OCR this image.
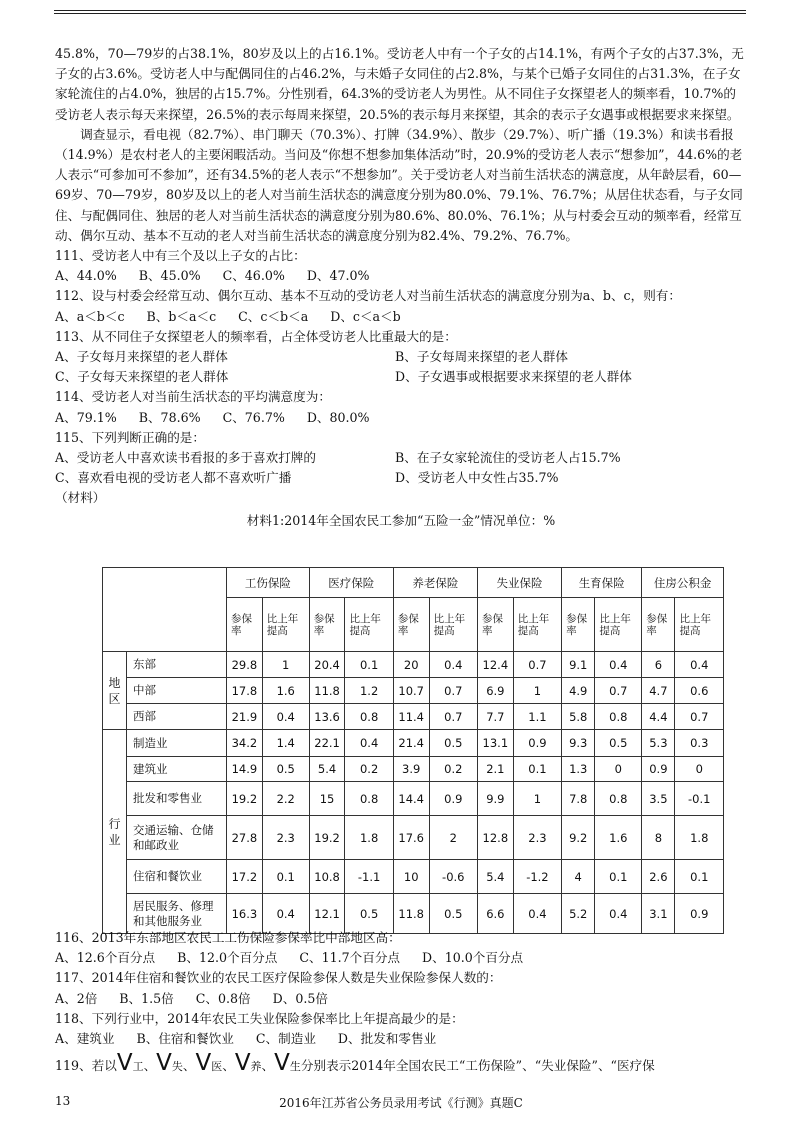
45.8%，70—79岁的占38.1%，80岁及以上的占16.1%。受访老人中有一个子女的占14.1%，有两个子女的占37.3%，无子女的占3.6%。受访老人中与配偶同住的占46.2%，与未婚子女同住的占2.8%，与某个已婚子女同住的占31.3%，在子女家轮流住的占4.0%，独居的占15.7%。分性别看，64.3%的受访老人为男性。从不同住子女探望老人的频率看，10.7%的受访老人表示每天来探望，26.5%的表示每周来探望，20.5%的表示每月来探望，其余的表示子女遇事或根据要求来探望。

调查显示，看电视（82.7%）、串门聊天（70.3%）、打牌（34.9%）、散步（29.7%）、听广播（19.3%）和读书看报（14.9%）是农村老人的主要闲暇活动。当问及“你想不想参加集体活动”时，20.9%的受访老人表示“想参加”，44.6%的老人表示“可参加可不参加”，还有34.5%的老人表示“不想参加”。关于受访老人对当前生活状态的满意度，从年龄层看，60—69岁、70—79岁，80岁及以上的老人对当前生活状态的满意度分别为80.0%、79.1%、76.7%；从居住状态看，与子女同住、与配偶同住、独居的老人对当前生活状态的满意度分别为80.6%、80.0%、76.1%；从与村委会互动的频率看，经常互动、偶尔互动、基本不互动的老人对当前生活状态的满意度分别为82.4%、79.2%、76.7%。

111、受访老人中有三个及以上子女的占比：

A、44.0% B、45.0% C、46.0% D、47.0%

112、设与村委会经常互动、偶尔互动、基本不互动的受访老人对当前生活状态的满意度分别为a、b、c，则有：

A、a＜b＜c B、b＜a＜c C、c＜b＜a D、c＜a＜b

113、从不同住子女探望老人的频率看，占全体受访老人比重最大的是：

A、子女每月来探望的老人群体	B、子女每周来探望的老人群体
C、子女每天来探望的老人群体	D、子女遇事或根据要求来探望的老人群体

114、受访老人对当前生活状态的平均满意度为：

A、79.1% B、78.6% C、76.7% D、80.0%

115、下列判断正确的是：

A、受访老人中喜欢读书看报的多于喜欢打牌的	B、在子女家轮流住的受访老人占15.7%
C、喜欢看电视的受访老人都不喜欢听广播	D、受访老人中女性占35.7%

（材料）

材料1:2014年全国农民工参加“五险一金”情况单位：%

		工伤保险		医疗保险		养老保险		失业保险		生育保险		住房公积金	
		参保率	比上年提高	参保率	比上年提高	参保率	比上年提高	参保率	比上年提高	参保率	比上年提高	参保率	比上年提高

地
区	东部	29.8	1	20.4	0.1	20	0.4	12.4	0.7	9.1	0.4	6	0.4
	中部	17.8	1.6	11.8	1.2	10.7	0.7	6.9	1	4.9	0.7	4.7	0.6
	西部	21.9	0.4	13.6	0.8	11.4	0.7	7.7	1.1	5.8	0.8	4.4	0.7

行
业	制造业	34.2	1.4	22.1	0.4	21.4	0.5	13.1	0.9	9.3	0.5	5.3	0.3
	建筑业	14.9	0.5	5.4	0.2	3.9	0.2	2.1	0.1	1.3	0	0.9	0
	批发和零售业	19.2	2.2	15	0.8	14.4	0.9	9.9	1	7.8	0.8	3.5	-0.1
	交通运输、仓储和邮政业	27.8	2.3	19.2	1.8	17.6	2	12.8	2.3	9.2	1.6	8	1.8
	住宿和餐饮业	17.2	0.1	10.8	-1.1	10	-0.6	5.4	-1.2	4	0.1	2.6	0.1
	居民服务、修理和其他服务业	16.3	0.4	12.1	0.5	11.8	0.5	6.6	0.4	5.2	0.4	3.1	0.9

116、2013年东部地区农民工工伤保险参保率比中部地区高：

A、12.6个百分点 B、12.0个百分点 C、11.7个百分点 D、10.0个百分点

117、2014年住宿和餐饮业的农民工医疗保险参保人数是失业保险参保人数的：

A、2倍 B、1.5倍 C、0.8倍 D、0.5倍

118、下列行业中，2014年农民工失业保险参保率比上年提高最少的是：

A、建筑业 B、住宿和餐饮业 C、制造业 D、批发和零售业

119、若以V工、V失、V医、V养、V生分别表示2014年全国农民工“工伤保险”、“失业保险”、“医疗保

13	2016年江苏省公务员录用考试《行测》真题C
